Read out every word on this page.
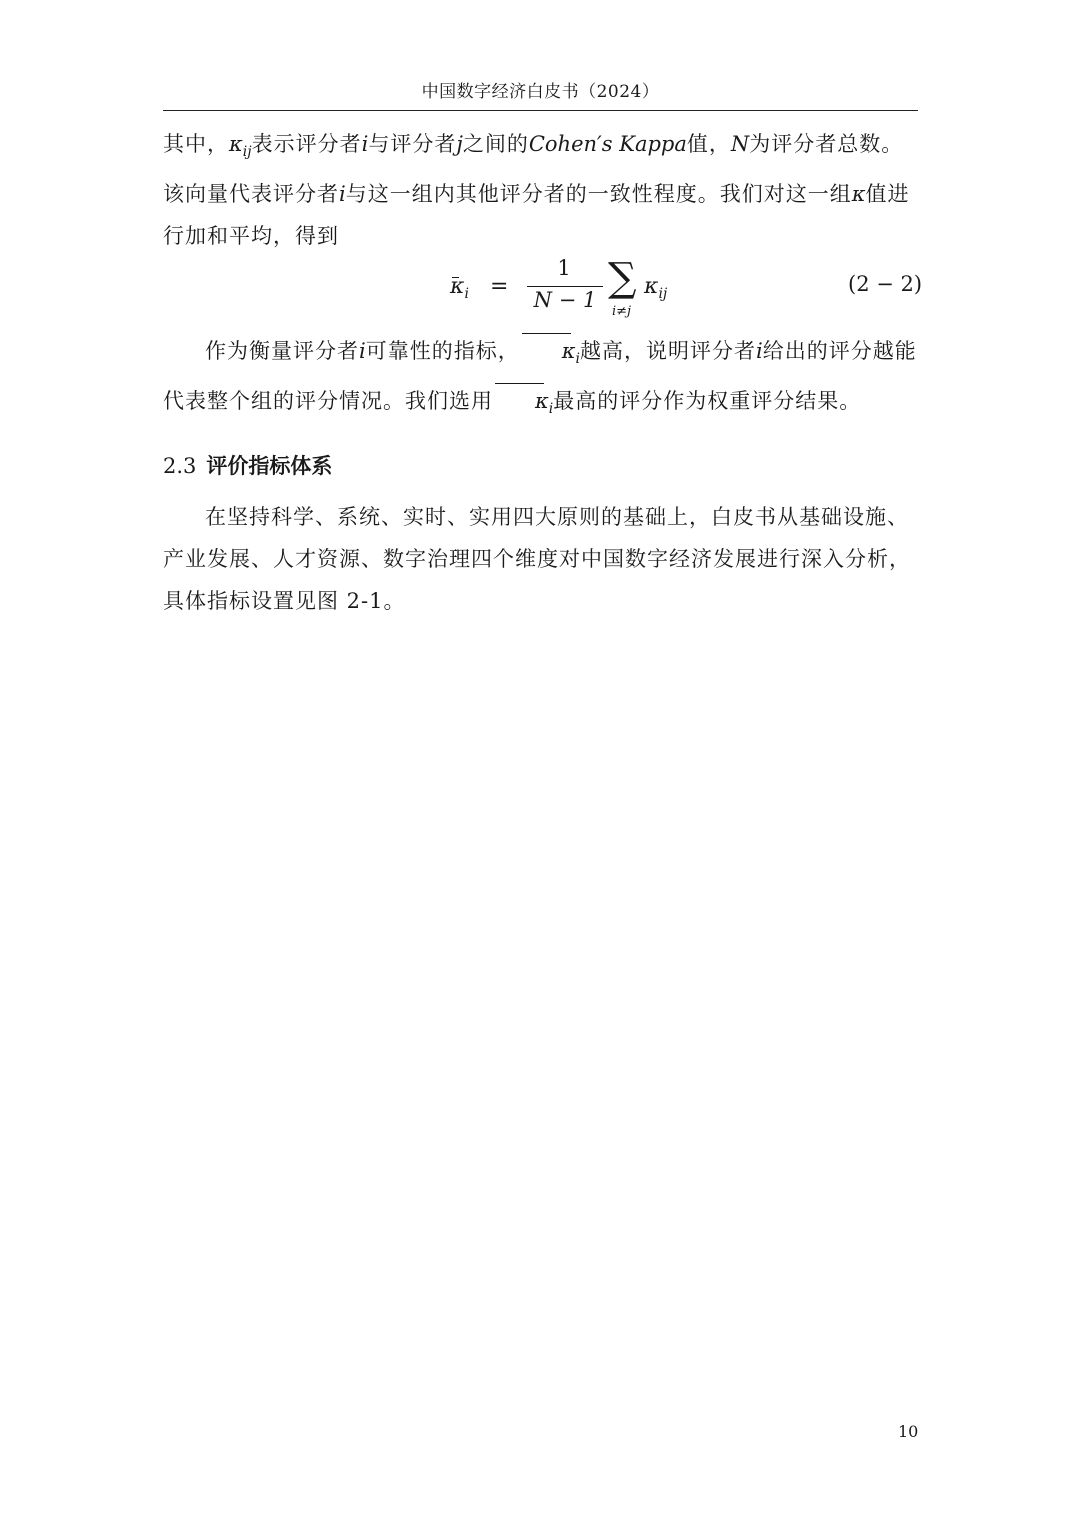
中国数字经济白皮书（2024）
其中，$\kappa_{ij}$表示评分者i与评分者j之间的Cohen′s Kappa值，N为评分者总数。该向量代表评分者i与这一组内其他评分者的一致性程度。我们对这一组κ值进行加和平均，得到
$\kappa_i$ =
1
N − 1 ∑
i≠j
$\kappa_{ij}$	(2 − 2)
作为衡量评分者i可靠性的指标， $\kappa_i$越高，说明评分者i给出的评分越能代表整个组的评分情况。我们选用 $\kappa_i$最高的评分作为权重评分结果。
2.3 评价指标体系
在坚持科学、系统、实时、实用四大原则的基础上，白皮书从基础设施、产业发展、人才资源、数字治理四个维度对中国数字经济发展进行深入分析，具体指标设置见图 2-1。
10
